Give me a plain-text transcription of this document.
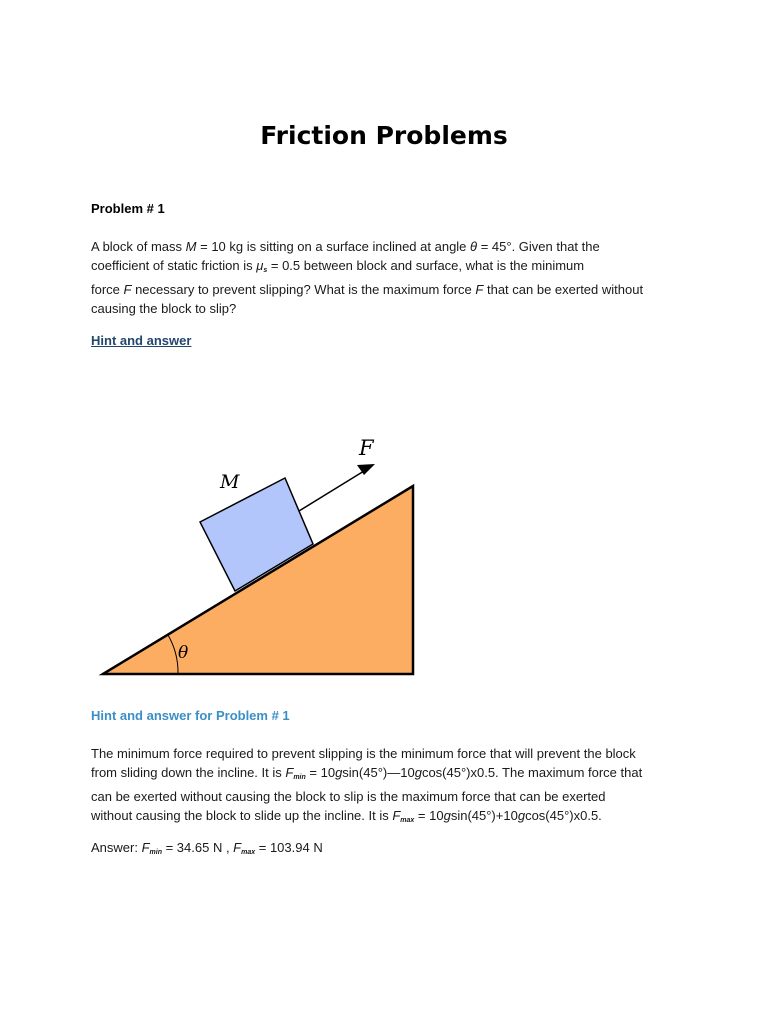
Friction Problems
Problem # 1

A block of mass M = 10 kg is sitting on a surface inclined at angle θ = 45°. Given that the
coefficient of static friction is $\mu_s = 0.5$ between block and surface, what is the minimum
force F necessary to prevent slipping? What is the maximum force F that can be exerted without
causing the block to slip?

Hint and answer
F
M
θ
Hint and answer for Problem # 1

The minimum force required to prevent slipping is the minimum force that will prevent the block
from sliding down the incline. It is $F_{min}$ = 10gsin(45°)—10gcos(45°)x0.5. The maximum force that
can be exerted without causing the block to slip is the maximum force that can be exerted
without causing the block to slide up the incline. It is $F_{max} = 10gsin(45^\circ)+10gcos(45^\circ)x0.5$.

Answer: $F_{min} = 34.65$ N , $F_{max} = 103.94$ N
